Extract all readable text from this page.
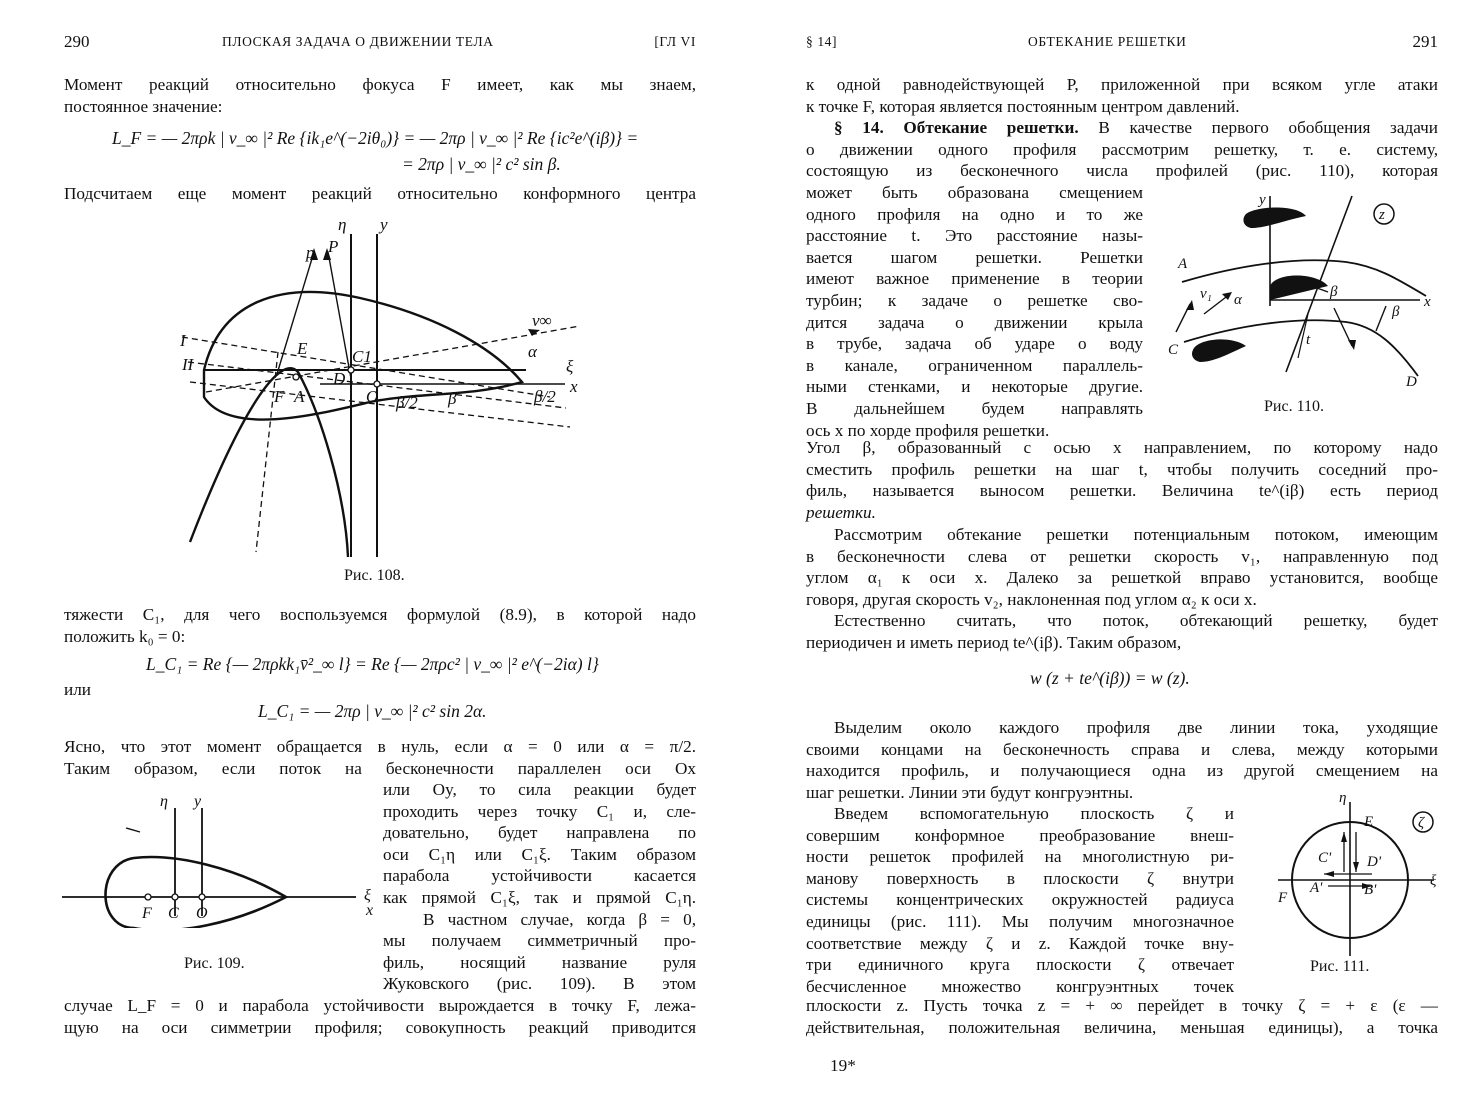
290	ПЛОСКАЯ ЗАДАЧА О ДВИЖЕНИИ ТЕЛА	[ГЛ VI
Момент реакций относительно фокуса F имеет, как мы знаем,
постоянное значение:
L_F = — 2πρk | v_∞ |² Re {ik₁e^(−2iθ₀)} = — 2πρ | v_∞ |² Re {ic²e^(iβ)} =
= 2πρ | v_∞ |² c² sin β.
Подсчитаем еще момент реакций относительно конформного центра
η y
p P
v∞
I
II
E	C1
D
α
ξ
x
F A	O β/2 β	β/2
Рис. 108.
тяжести C₁, для чего воспользуемся формулой (8.9), в которой надо
положить k₀ = 0:
L_C₁ = Re {— 2πρkk₁v̄²_∞ l} = Re {— 2πρc² | v_∞ |² e^(−2iα) l}
или
L_C₁ = — 2πρ | v_∞ |² c² sin 2α.
Ясно, что этот момент обращается в нуль, если α = 0 или α = π/2.
Таким образом, если поток на бесконечности параллелен оси Ox
η y
ξ
x
F C O
Рис. 109.
или Oy, то сила реакции будет
проходить через точку C₁ и, сле-
довательно, будет направлена по
оси C₁η или C₁ξ. Таким образом
парабола устойчивости касается
как прямой C₁ξ, так и прямой C₁η.
В частном случае, когда β = 0,
мы получаем симметричный про-
филь, носящий название руля
Жуковского (рис. 109). В этом
случае L_F = 0 и парабола устойчивости вырождается в точку F, лежа-
щую на оси симметрии профиля; совокупность реакций приводится
§ 14]	ОБТЕКАНИЕ РЕШЕТКИ	291
к одной равнодействующей P, приложенной при всяком угле атаки
к точке F, которая является постоянным центром давлений.
§ 14. Обтекание решетки. В качестве первого обобщения задачи
о движении одного профиля рассмотрим решетку, т. е. систему,
состоящую из бесконечного числа профилей (рис. 110), которая
может быть образована смещением
одного профиля на одно и то же
расстояние t. Это расстояние назы-
вается шагом решетки. Решетки
имеют важное применение в теории
турбин; к задаче о решетке сво-
дится задача о движении крыла
в трубе, задача об ударе о воду
в канале, ограниченном параллель-
ными стенками, и некоторые другие.
В дальнейшем будем направлять
ось x по хорде профиля решетки.
y
z
A
v₁ α	β
β
x
t
C
D
Рис. 110.
Угол β, образованный с осью x направлением, по которому надо
сместить профиль решетки на шаг t, чтобы получить соседний про-
филь, называется выносом решетки. Величина te^(iβ) есть период
решетки.
Рассмотрим обтекание решетки потенциальным потоком, имеющим
в бесконечности слева от решетки скорость v₁, направленную под
углом α₁ к оси x. Далеко за решеткой вправо установится, вообще
говоря, другая скорость v₂, наклоненная под углом α₂ к оси x.
Естественно считать, что поток, обтекающий решетку, будет
периодичен и иметь период te^(iβ). Таким образом,
w (z + te^(iβ)) = w (z).
Выделим около каждого профиля две линии тока, уходящие
своими концами на бесконечность справа и слева, между которыми
находится профиль, и получающиеся одна из другой смещением на
шаг решетки. Линии эти будут конгруэнтны.
Введем вспомогательную плоскость ζ и
совершим конформное преобразование внеш-
ности решеток профилей на многолистную ри-
манову поверхность в плоскости ζ внутри
системы концентрических окружностей радиуса
единицы (рис. 111). Мы получим многозначное
соответствие между ζ и z. Каждой точке вну-
три единичного круга плоскости ζ отвечает
бесчисленное множество конгруэнтных точек
η
ζ
E
C' D'
A'	B'
F
ξ
Рис. 111.
плоскости z. Пусть точка z = + ∞ перейдет в точку ζ = + ε (ε —
действительная, положительная величина, меньшая единицы), а точка
19*
